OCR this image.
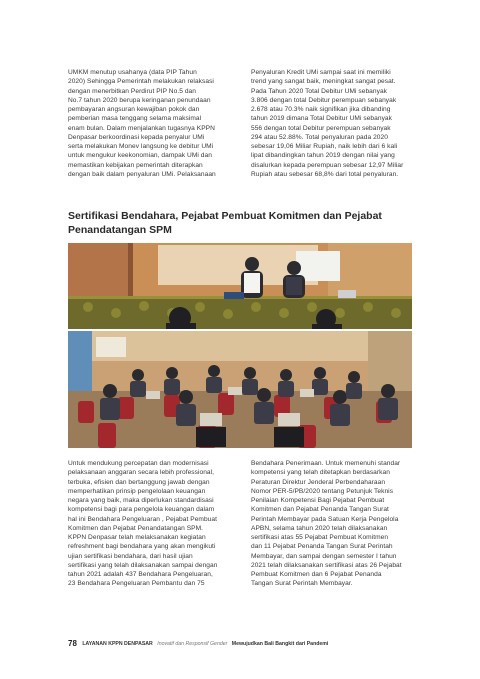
UMKM menutup usahanya (data PIP Tahun
2020) Sehingga Pemerintah melakukan relaksasi
dengan menerbitkan Perdirut PIP No.5 dan
No.7 tahun 2020 berupa keringanan penundaan
pembayaran angsuran kewajiban pokok dan
pemberian masa tenggang selama maksimal
enam bulan. Dalam menjalankan tugasnya KPPN
Denpasar berkoordinasi kepada penyalur UMi
serta melakukan Monev langsung ke debitur UMi
untuk mengukur keekonomian, dampak UMi dan
memastikan kebijakan pemerintah diterapkan
dengan baik dalam penyaluran UMi. Pelaksanaan

Penyaluran Kredit UMi sampai saat ini memiliki
trend yang sangat baik, meningkat sangat pesat.
Pada Tahun 2020 Total Debitur UMi sebanyak
3.806 dengan total Debitur perempuan sebanyak
2.678 atau 70.3% naik signifikan jika dibanding
tahun 2019 dimana Total Debitur UMi sebanyak
556 dengan total Debitur perempuan sebanyak
294 atau 52.88%. Total penyaluran pada 2020
sebesar 19,06 Miliar Rupiah, naik lebih dari 6 kali
lipat dibandingkan tahun 2019 dengan nilai yang
disalurkan kepada perempuan sebesar 12,97 Miliar
Rupiah atau sebesar 68,8% dari total penyaluran.

Sertifikasi Bendahara, Pejabat Pembuat Komitmen dan Pejabat
Penandatangan SPM

Untuk mendukung percepatan dan modernisasi
pelaksanaan anggaran secara lebih professional,
terbuka, efisien dan bertanggung jawab dengan
memperhatikan prinsip pengelolaan keuangan
negara yang baik, maka diperlukan standardisasi
kompetensi bagi para pengelola keuangan dalam
hal ini Bendahara Pengeluaran , Pejabat Pembuat
Komitmen dan Pejabat Penandatangan SPM.
KPPN Denpasar telah melaksanakan kegiatan
refreshment bagi bendahara yang akan mengikuti
ujian sertifikasi bendahara, dari hasil ujian
sertifikasi yang telah dilaksanakan sampai dengan
tahun 2021 adalah 437 Bendahara Pengeluaran,
23 Bendahara Pengeluaran Pembantu dan 75

Bendahara Penerimaan. Untuk memenuhi standar
kompetensi yang telah ditetapkan berdasarkan
Peraturan Direktur Jenderal Perbendaharaan
Nomor PER-5/PB/2020 tentang Petunjuk Teknis
Penilaian Kompetensi Bagi Pejabat Pembuat
Komitmen dan Pejabat Penanda Tangan Surat
Perintah Membayar pada Satuan Kerja Pengelola
APBN, selama tahun 2020 telah dilaksanakan
sertifikasi atas 55 Pejabat Pembuat Komitmen
dan 11 Pejabat Penanda Tangan Surat Perintah
Membayar, dan sampai dengan semester I tahun
2021 telah dilaksanakan sertifikasi atas 26 Pejabat
Pembuat Komitmen dan 6 Pejabat Penanda
Tangan Surat Perintah Membayar.

78 LAYANAN KPPN DENPASAR Inovatif dan Responsif Gender Mewujudkan Bali Bangkit dari Pandemi
